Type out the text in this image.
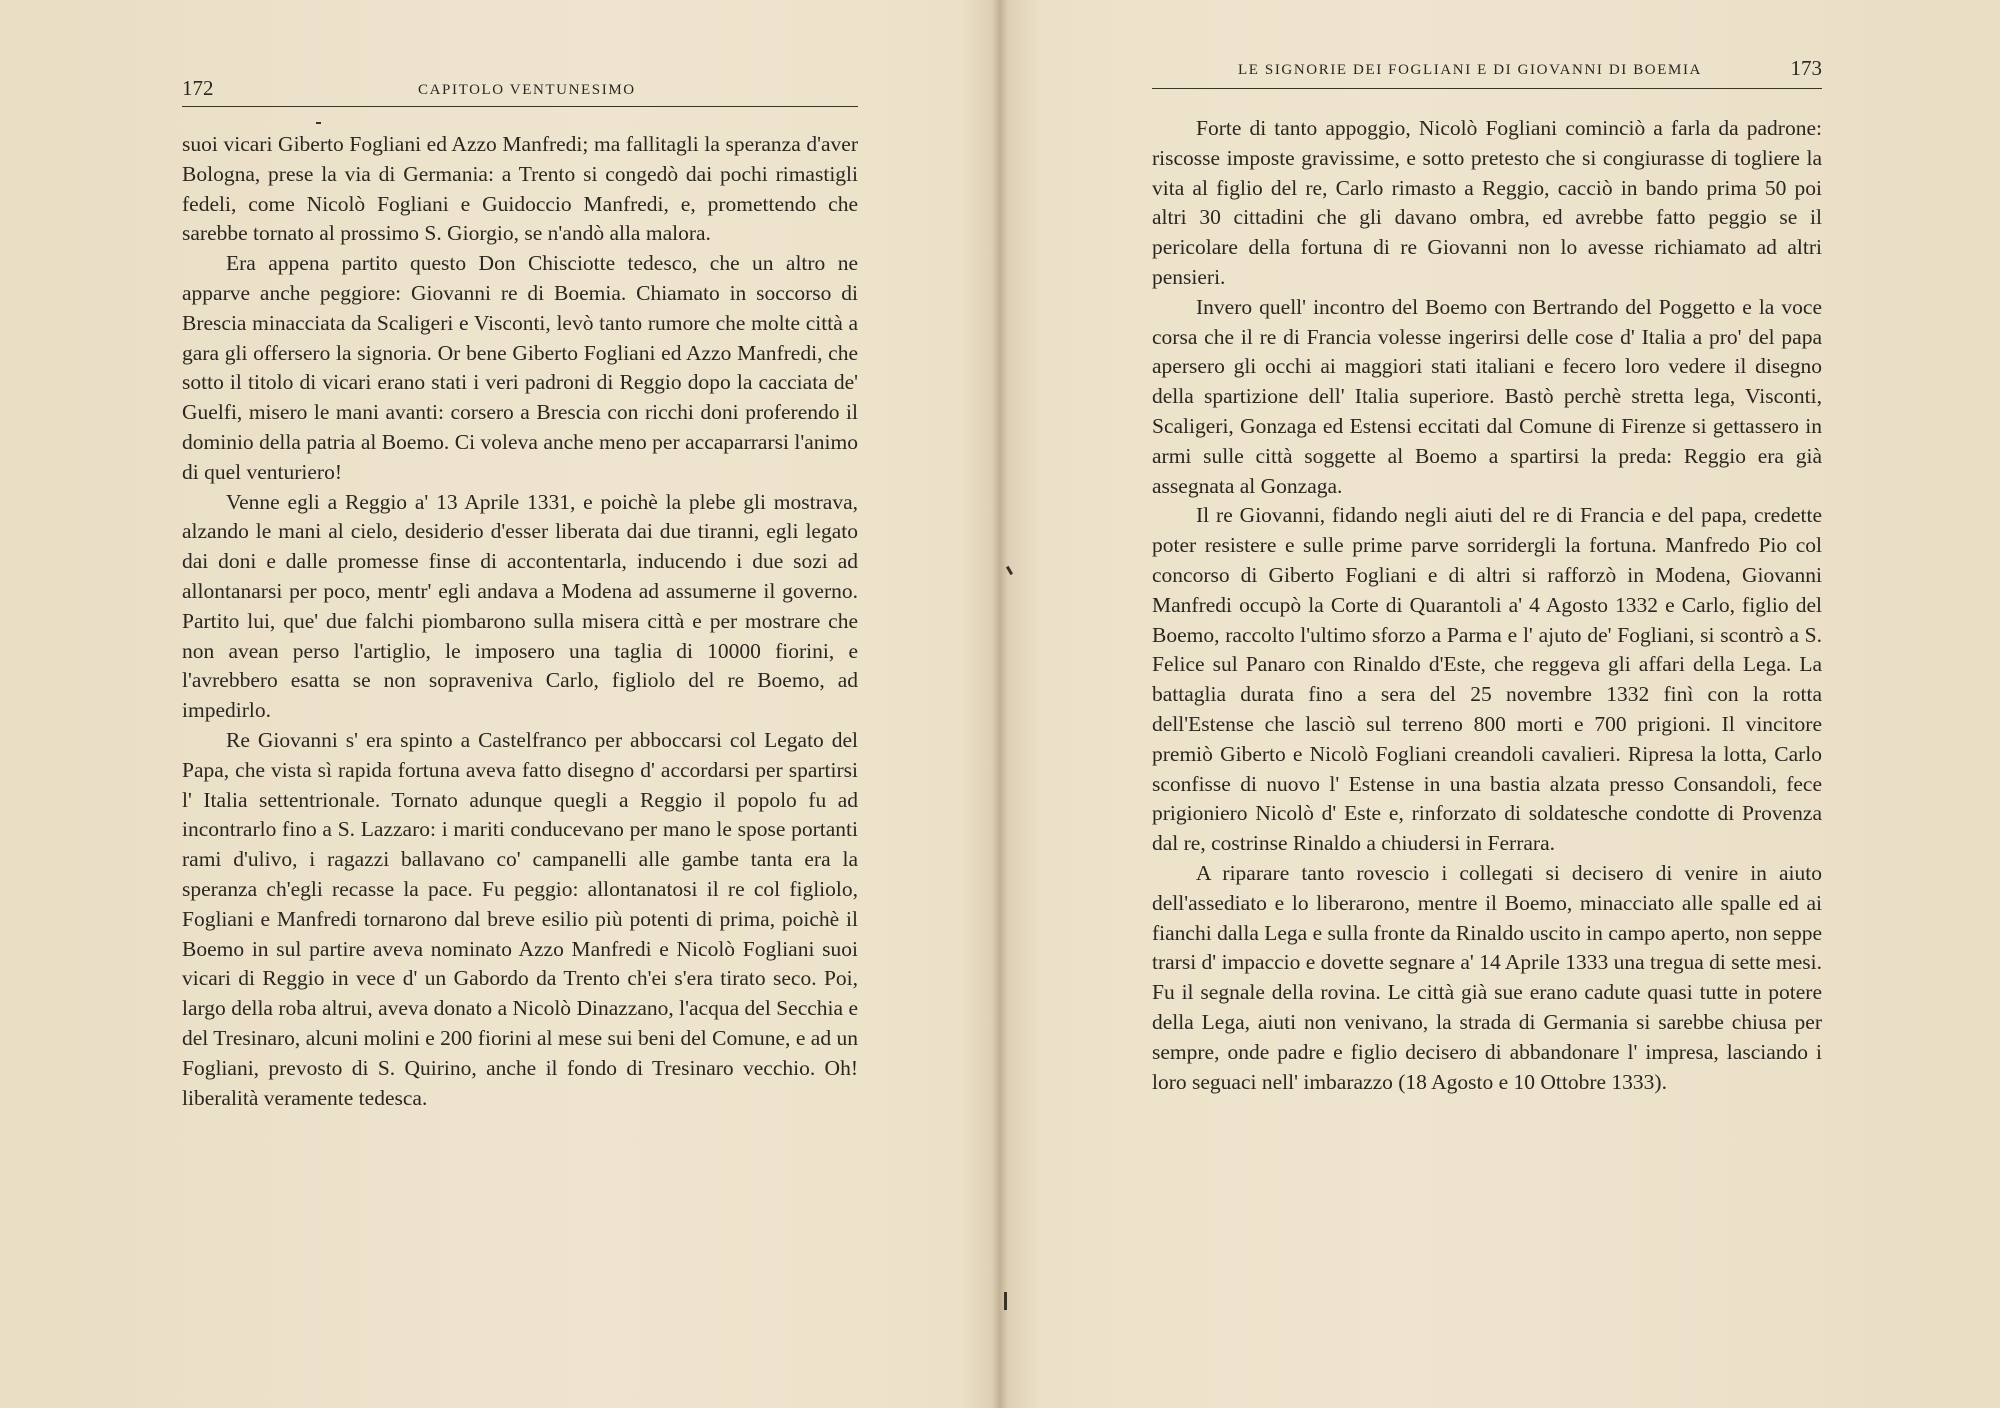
172	CAPITOLO VENTUNESIMO

suoi vicari Giberto Fogliani ed Azzo Manfredi; ma fallitagli la speranza d'aver Bologna, prese la via di Germania: a Trento si congedò dai pochi rimastigli fedeli, come Nicolò Fogliani e Guidoccio Manfredi, e, promettendo che sarebbe tornato al prossimo S. Giorgio, se n'andò alla malora.

Era appena partito questo Don Chisciotte tedesco, che un altro ne apparve anche peggiore: Giovanni re di Boemia. Chiamato in soccorso di Brescia minacciata da Scaligeri e Visconti, levò tanto rumore che molte città a gara gli offersero la signoria. Or bene Giberto Fogliani ed Azzo Manfredi, che sotto il titolo di vicari erano stati i veri padroni di Reggio dopo la cacciata de' Guelfi, misero le mani avanti: corsero a Brescia con ricchi doni proferendo il dominio della patria al Boemo. Ci voleva anche meno per accaparrarsi l'animo di quel venturiero!

Venne egli a Reggio a' 13 Aprile 1331, e poichè la plebe gli mostrava, alzando le mani al cielo, desiderio d'esser liberata dai due tiranni, egli legato dai doni e dalle promesse finse di accontentarla, inducendo i due sozi ad allontanarsi per poco, mentr' egli andava a Modena ad assumerne il governo. Partito lui, que' due falchi piombarono sulla misera città e per mostrare che non avean perso l'artiglio, le imposero una taglia di 10000 fiorini, e l'avrebbero esatta se non sopraveniva Carlo, figliolo del re Boemo, ad impedirlo.

Re Giovanni s' era spinto a Castelfranco per abboccarsi col Legato del Papa, che vista sì rapida fortuna aveva fatto disegno d' accordarsi per spartirsi l' Italia settentrionale. Tornato adunque quegli a Reggio il popolo fu ad incontrarlo fino a S. Lazzaro: i mariti conducevano per mano le spose portanti rami d'ulivo, i ragazzi ballavano co' campanelli alle gambe tanta era la speranza ch'egli recasse la pace. Fu peggio: allontanatosi il re col figliolo, Fogliani e Manfredi tornarono dal breve esilio più potenti di prima, poichè il Boemo in sul partire aveva nominato Azzo Manfredi e Nicolò Fogliani suoi vicari di Reggio in vece d' un Gabordo da Trento ch'ei s'era tirato seco. Poi, largo della roba altrui, aveva donato a Nicolò Dinazzano, l'acqua del Secchia e del Tresinaro, alcuni molini e 200 fiorini al mese sui beni del Comune, e ad un Fogliani, prevosto di S. Quirino, anche il fondo di Tresinaro vecchio. Oh! liberalità veramente tedesca.

LE SIGNORIE DEI FOGLIANI E DI GIOVANNI DI BOEMIA	173

Forte di tanto appoggio, Nicolò Fogliani cominciò a farla da padrone: riscosse imposte gravissime, e sotto pretesto che si congiurasse di togliere la vita al figlio del re, Carlo rimasto a Reggio, cacciò in bando prima 50 poi altri 30 cittadini che gli davano ombra, ed avrebbe fatto peggio se il pericolare della fortuna di re Giovanni non lo avesse richiamato ad altri pensieri.

Invero quell' incontro del Boemo con Bertrando del Poggetto e la voce corsa che il re di Francia volesse ingerirsi delle cose d' Italia a pro' del papa apersero gli occhi ai maggiori stati italiani e fecero loro vedere il disegno della spartizione dell' Italia superiore. Bastò perchè stretta lega, Visconti, Scaligeri, Gonzaga ed Estensi eccitati dal Comune di Firenze si gettassero in armi sulle città soggette al Boemo a spartirsi la preda: Reggio era già assegnata al Gonzaga.

Il re Giovanni, fidando negli aiuti del re di Francia e del papa, credette poter resistere e sulle prime parve sorridergli la fortuna. Manfredo Pio col concorso di Giberto Fogliani e di altri si rafforzò in Modena, Giovanni Manfredi occupò la Corte di Quarantoli a' 4 Agosto 1332 e Carlo, figlio del Boemo, raccolto l'ultimo sforzo a Parma e l' ajuto de' Fogliani, si scontrò a S. Felice sul Panaro con Rinaldo d'Este, che reggeva gli affari della Lega. La battaglia durata fino a sera del 25 novembre 1332 finì con la rotta dell'Estense che lasciò sul terreno 800 morti e 700 prigioni. Il vincitore premiò Giberto e Nicolò Fogliani creandoli cavalieri. Ripresa la lotta, Carlo sconfisse di nuovo l' Estense in una bastia alzata presso Consandoli, fece prigioniero Nicolò d' Este e, rinforzato di soldatesche condotte di Provenza dal re, costrinse Rinaldo a chiudersi in Ferrara.

A riparare tanto rovescio i collegati si decisero di venire in aiuto dell'assediato e lo liberarono, mentre il Boemo, minacciato alle spalle ed ai fianchi dalla Lega e sulla fronte da Rinaldo uscito in campo aperto, non seppe trarsi d' impaccio e dovette segnare a' 14 Aprile 1333 una tregua di sette mesi. Fu il segnale della rovina. Le città già sue erano cadute quasi tutte in potere della Lega, aiuti non venivano, la strada di Germania si sarebbe chiusa per sempre, onde padre e figlio decisero di abbandonare l' impresa, lasciando i loro seguaci nell' imbarazzo (18 Agosto e 10 Ottobre 1333).
